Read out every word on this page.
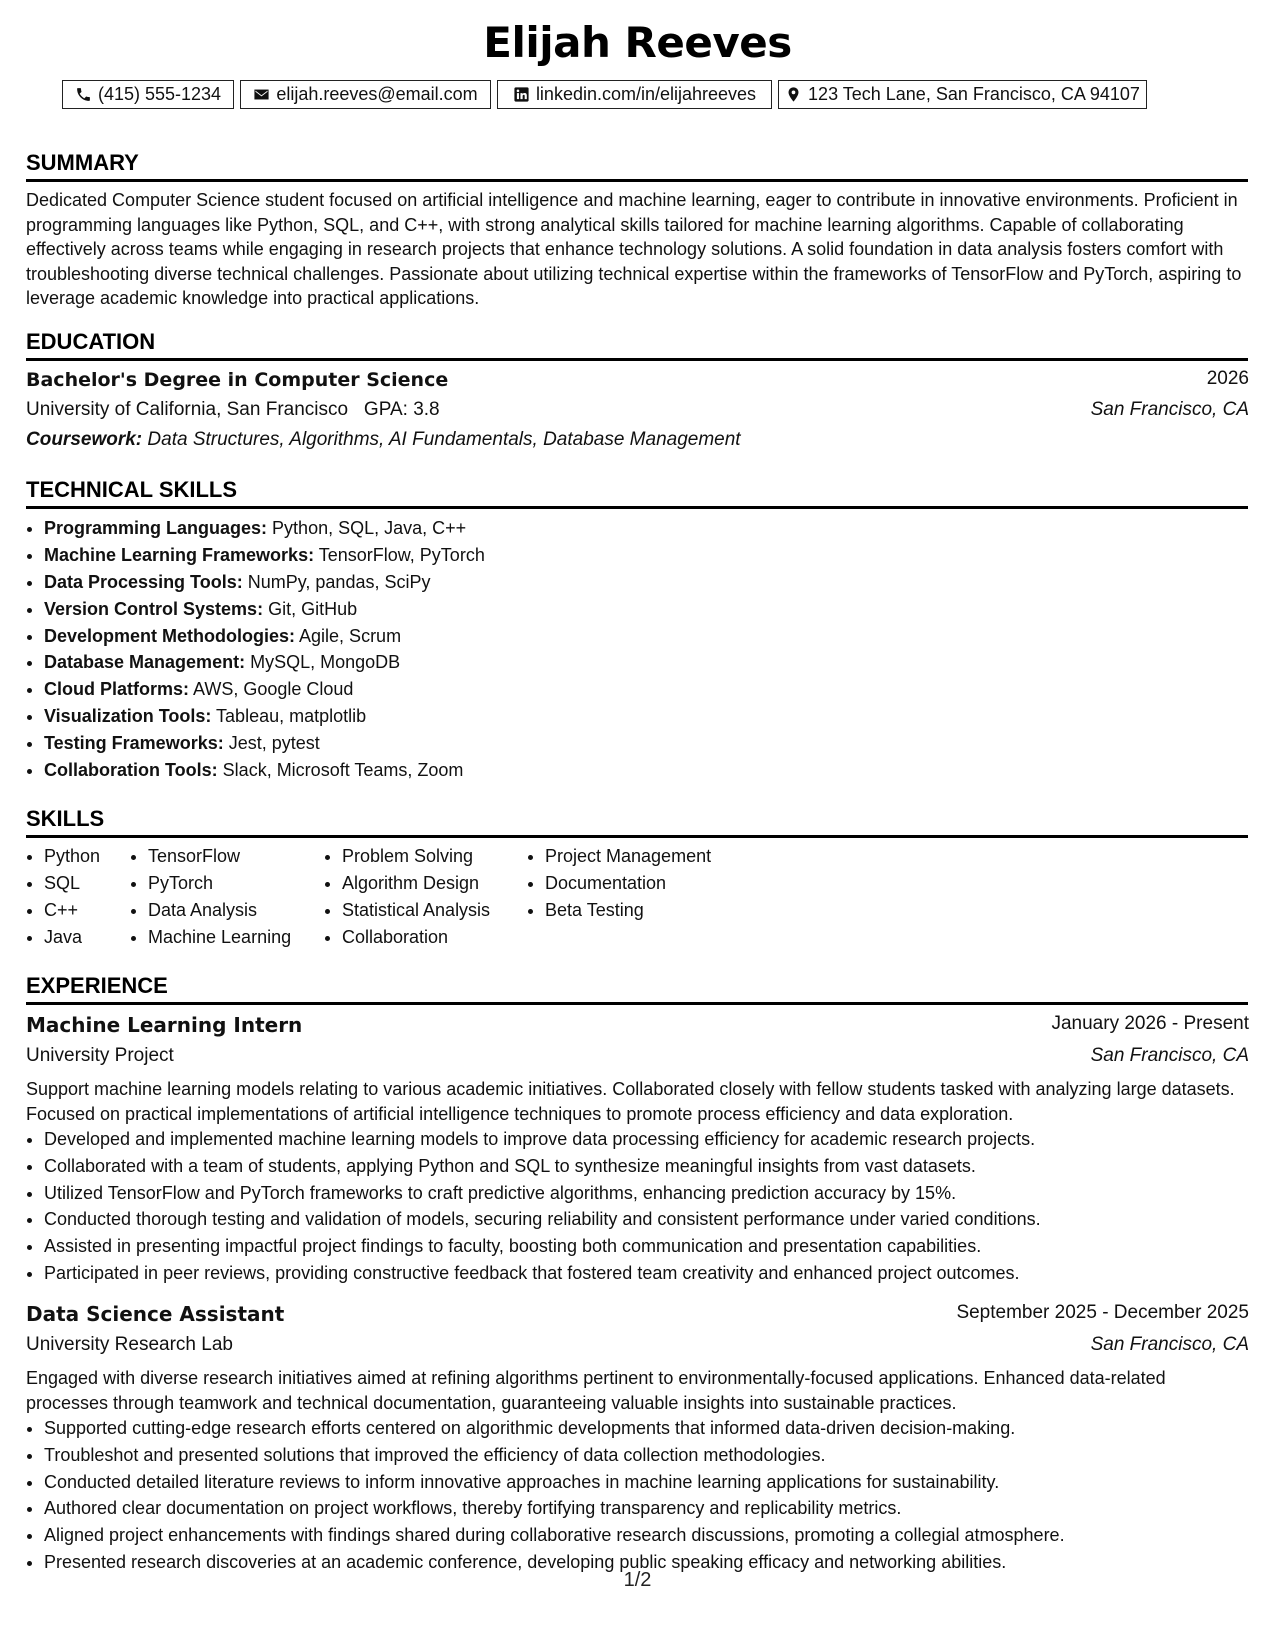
Elijah Reeves
(415) 555-1234	elijah.reeves@email.com	linkedin.com/in/elijahreeves	123 Tech Lane, San Francisco, CA 94107
SUMMARY
Dedicated Computer Science student focused on artificial intelligence and machine learning, eager to contribute in innovative environments. Proficient in programming languages like Python, SQL, and C++, with strong analytical skills tailored for machine learning algorithms. Capable of collaborating effectively across teams while engaging in research projects that enhance technology solutions. A solid foundation in data analysis fosters comfort with troubleshooting diverse technical challenges. Passionate about utilizing technical expertise within the frameworks of TensorFlow and PyTorch, aspiring to leverage academic knowledge into practical applications.
EDUCATION
Bachelor's Degree in Computer Science	2026
University of California, San Francisco GPA: 3.8	San Francisco, CA
Coursework: Data Structures, Algorithms, AI Fundamentals, Database Management
TECHNICAL SKILLS
• Programming Languages: Python, SQL, Java, C++
• Machine Learning Frameworks: TensorFlow, PyTorch
• Data Processing Tools: NumPy, pandas, SciPy
• Version Control Systems: Git, GitHub
• Development Methodologies: Agile, Scrum
• Database Management: MySQL, MongoDB
• Cloud Platforms: AWS, Google Cloud
• Visualization Tools: Tableau, matplotlib
• Testing Frameworks: Jest, pytest
• Collaboration Tools: Slack, Microsoft Teams, Zoom
SKILLS
• Python
• SQL
• C++
• Java
• TensorFlow
• PyTorch
• Data Analysis
• Machine Learning
• Problem Solving
• Algorithm Design
• Statistical Analysis
• Collaboration
• Project Management
• Documentation
• Beta Testing
EXPERIENCE
Machine Learning Intern	January 2026 - Present
University Project	San Francisco, CA
Support machine learning models relating to various academic initiatives. Collaborated closely with fellow students tasked with analyzing large datasets. Focused on practical implementations of artificial intelligence techniques to promote process efficiency and data exploration.
• Developed and implemented machine learning models to improve data processing efficiency for academic research projects.
• Collaborated with a team of students, applying Python and SQL to synthesize meaningful insights from vast datasets.
• Utilized TensorFlow and PyTorch frameworks to craft predictive algorithms, enhancing prediction accuracy by 15%.
• Conducted thorough testing and validation of models, securing reliability and consistent performance under varied conditions.
• Assisted in presenting impactful project findings to faculty, boosting both communication and presentation capabilities.
• Participated in peer reviews, providing constructive feedback that fostered team creativity and enhanced project outcomes.
Data Science Assistant	September 2025 - December 2025
University Research Lab	San Francisco, CA
Engaged with diverse research initiatives aimed at refining algorithms pertinent to environmentally-focused applications. Enhanced data-related processes through teamwork and technical documentation, guaranteeing valuable insights into sustainable practices.
• Supported cutting-edge research efforts centered on algorithmic developments that informed data-driven decision-making.
• Troubleshot and presented solutions that improved the efficiency of data collection methodologies.
• Conducted detailed literature reviews to inform innovative approaches in machine learning applications for sustainability.
• Authored clear documentation on project workflows, thereby fortifying transparency and replicability metrics.
• Aligned project enhancements with findings shared during collaborative research discussions, promoting a collegial atmosphere.
• Presented research discoveries at an academic conference, developing public speaking efficacy and networking abilities.
1/2
